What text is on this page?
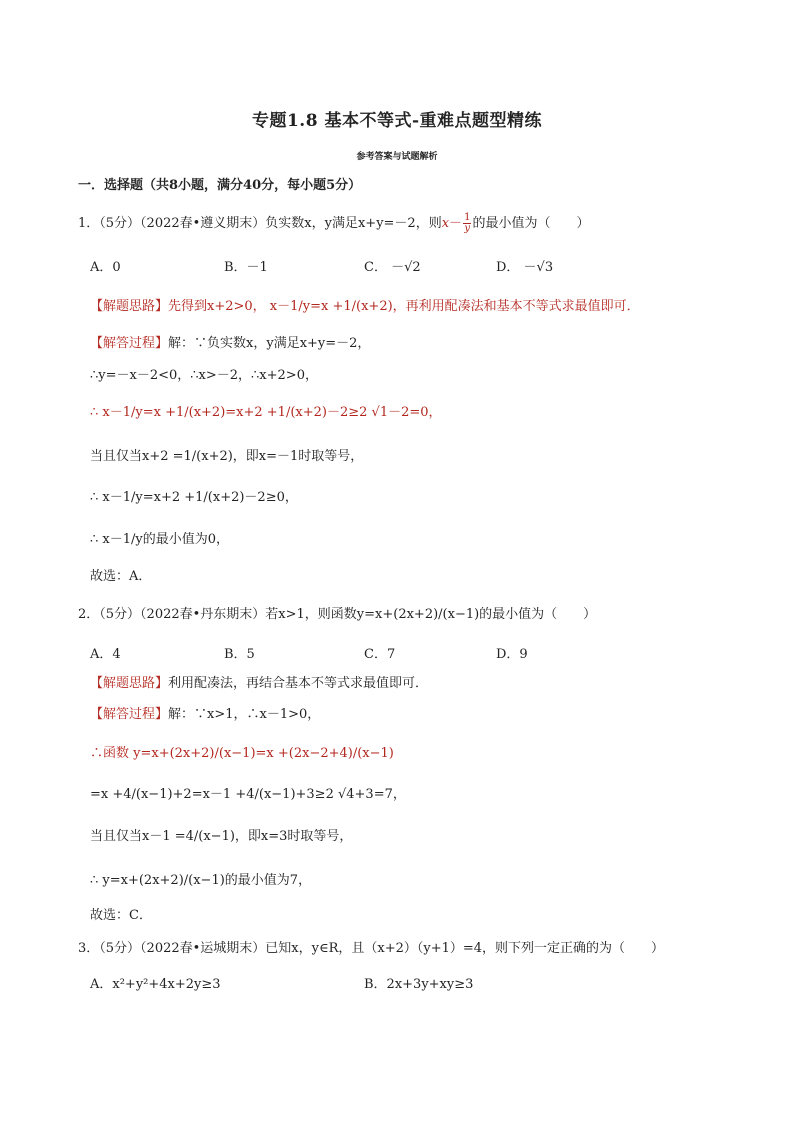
专题1.8 基本不等式-重难点题型精练
参考答案与试题解析
一．选择题（共8小题，满分40分，每小题5分）
1．（5分）（2022春•遵义期末）负实数x，y满足x+y=－2，则$x- \frac{1}{y}$ 的最小值为（　　）
A．0	B．－1	C． －√2	D． －√3
【解题思路】先得到x+2>0， x－1/y=x +1/(x+2)，再利用配凑法和基本不等式求最值即可．
【解答过程】解：∵负实数x，y满足x+y=－2，
∴y=－x－2<0，∴x>－2，∴x+2>0，
∴ x－1/y=x +1/(x+2)=x+2 +1/(x+2)－2≥2 √1－2=0，
当且仅当x+2 =1/(x+2)，即x=－1时取等号，
∴ x－1/y=x+2 +1/(x+2)－2≥0，
∴ x－1/y的最小值为0，
故选：A．
2．（5分）（2022春•丹东期末）若x>1，则函数y=x+(2x+2)/(x−1)的最小值为（　　）
A．4	B．5	C．7	D．9
【解题思路】利用配凑法，再结合基本不等式求最值即可．
【解答过程】解：∵x>1，∴x－1>0，
∴函数 y=x+(2x+2)/(x−1)=x +(2x−2+4)/(x−1)
=x +4/(x−1)+2=x－1 +4/(x−1)+3≥2 √4+3=7，
当且仅当x－1 =4/(x−1)，即x=3时取等号，
∴ y=x+(2x+2)/(x−1)的最小值为7，
故选：C．
3．（5分）（2022春•运城期末）已知x，y∈R，且（x+2）（y+1）=4，则下列一定正确的为（　　）
A．x²+y²+4x+2y≥3	B．2x+3y+xy≥3
